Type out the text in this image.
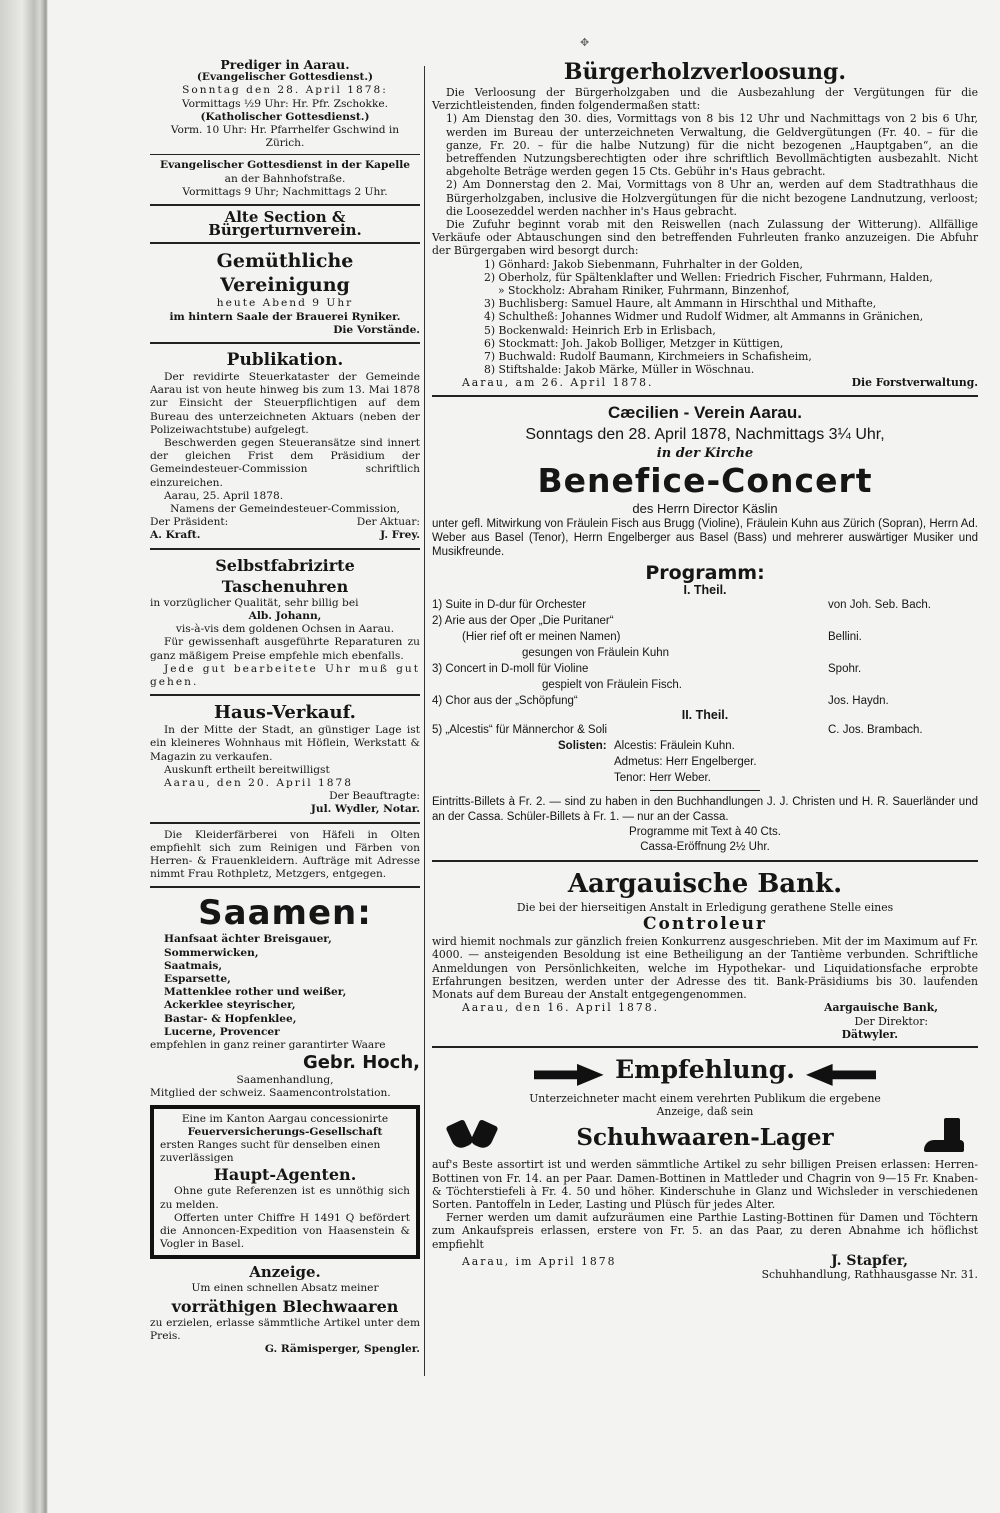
✥

Prediger in Aarau.

(Evangelischer Gottesdienst.)

Sonntag den 28. April 1878:

Vormittags ½9 Uhr: Hr. Pfr. Zschokke.

(Katholischer Gottesdienst.)

Vorm. 10 Uhr: Hr. Pfarrhelfer Gschwind in Zürich.

Evangelischer Gottesdienst in der Kapelle

an der Bahnhofstraße.

Vormittags 9 Uhr; Nachmittags 2 Uhr.

Alte Section & Bürgerturnverein.

Gemüthliche Vereinigung

heute Abend 9 Uhr

im hintern Saale der Brauerei Ryniker.

Die Vorstände.

Publikation.

Der revidirte Steuerkataster der Gemeinde Aarau ist von heute hinweg bis zum 13. Mai 1878 zur Einsicht der Steuerpflichtigen auf dem Bureau des unterzeichneten Aktuars (neben der Polizeiwachtstube) aufgelegt.

Beschwerden gegen Steueransätze sind innert der gleichen Frist dem Präsidium der Gemeindesteuer-Commission schriftlich einzureichen.

Aarau, 25. April 1878.

Namens der Gemeindesteuer-Commission,

Der Präsident:	Der Aktuar:
A. Kraft.	J. Frey.

Selbstfabrizirte Taschenuhren

in vorzüglicher Qualität, sehr billig bei

Alb. Johann,

vis-à-vis dem goldenen Ochsen in Aarau.

Für gewissenhaft ausgeführte Reparaturen zu ganz mäßigem Preise empfehle mich ebenfalls.

Jede gut bearbeitete Uhr muß gut gehen.

Haus-Verkauf.

In der Mitte der Stadt, an günstiger Lage ist ein kleineres Wohnhaus mit Höflein, Werkstatt & Magazin zu verkaufen.

Auskunft ertheilt bereitwilligst

Aarau, den 20. April 1878

Der Beauftragte:

Jul. Wydler, Notar.

Die Kleiderfärberei von Häfeli in Olten empfiehlt sich zum Reinigen und Färben von Herren- & Frauenkleidern. Aufträge mit Adresse nimmt Frau Rothpletz, Metzgers, entgegen.

Saamen:

Hanfsaat ächter Breisgauer,

Sommerwicken,

Saatmais,

Esparsette,

Mattenklee rother und weißer,

Ackerklee steyrischer,

Bastar- & Hopfenklee,

Lucerne, Provencer

empfehlen in ganz reiner garantirter Waare

Gebr. Hoch,

Saamenhandlung,

Mitglied der schweiz. Saamencontrolstation.

Eine im Kanton Aargau concessionirte

Feuerversicherungs-Gesellschaft

ersten Ranges sucht für denselben einen zuverlässigen

Haupt-Agenten.

Ohne gute Referenzen ist es unnöthig sich zu melden.

Offerten unter Chiffre H 1491 Q befördert die Annoncen-Expedition von Haasenstein & Vogler in Basel.

Anzeige.

Um einen schnellen Absatz meiner

vorräthigen Blechwaaren

zu erzielen, erlasse sämmtliche Artikel unter dem Preis.

G. Rämisperger, Spengler.

Bürgerholzverloosung.

Die Verloosung der Bürgerholzgaben und die Ausbezahlung der Vergütungen für die Verzichtleistenden, finden folgendermaßen statt:

1) Am Dienstag den 30. dies, Vormittags von 8 bis 12 Uhr und Nachmittags von 2 bis 6 Uhr, werden im Bureau der unterzeichneten Verwaltung, die Geldvergütungen (Fr. 40. – für die ganze, Fr. 20. – für die halbe Nutzung) für die nicht bezogenen „Hauptgaben“, an die betreffenden Nutzungsberechtigten oder ihre schriftlich Bevollmächtigten ausbezahlt. Nicht abgeholte Beträge werden gegen 15 Cts. Gebühr in's Haus gebracht.

2) Am Donnerstag den 2. Mai, Vormittags von 8 Uhr an, werden auf dem Stadtrathhaus die Bürgerholzgaben, inclusive die Holzvergütungen für die nicht bezogene Landnutzung, verloost; die Loosezeddel werden nachher in's Haus gebracht.

Die Zufuhr beginnt vorab mit den Reiswellen (nach Zulassung der Witterung). Allfällige Verkäufe oder Abtauschungen sind den betreffenden Fuhrleuten franko anzuzeigen. Die Abfuhr der Bürgergaben wird besorgt durch:

1) Gönhard: Jakob Siebenmann, Fuhrhalter in der Golden,

2) Oberholz, für Spältenklafter und Wellen: Friedrich Fischer, Fuhrmann, Halden,

» Stockholz: Abraham Riniker, Fuhrmann, Binzenhof,

3) Buchlisberg: Samuel Haure, alt Ammann in Hirschthal und Mithafte,

4) Schultheß: Johannes Widmer und Rudolf Widmer, alt Ammanns in Gränichen,

5) Bockenwald: Heinrich Erb in Erlisbach,

6) Stockmatt: Joh. Jakob Bolliger, Metzger in Küttigen,

7) Buchwald: Rudolf Baumann, Kirchmeiers in Schafisheim,

8) Stiftshalde: Jakob Märke, Müller in Wöschnau.

Aarau, am 26. April 1878.	Die Forstverwaltung.

Cæcilien - Verein Aarau.

Sonntags den 28. April 1878, Nachmittags 3¼ Uhr,

in der Kirche

Benefice-Concert

des Herrn Director Käslin

unter gefl. Mitwirkung von Fräulein Fisch aus Brugg (Violine), Fräulein Kuhn aus Zürich (Sopran), Herrn Ad. Weber aus Basel (Tenor), Herrn Engelberger aus Basel (Bass) und mehrerer auswärtiger Musiker und Musikfreunde.

Programm:

I. Theil.

1) Suite in D-dur für Orchester	von Joh. Seb. Bach.
2) Arie aus der Oper „Die Puritaner“
(Hier rief oft er meinen Namen)	Bellini.
gesungen von Fräulein Kuhn
3) Concert in D-moll für Violine	Spohr.
gespielt von Fräulein Fisch.
4) Chor aus der „Schöpfung“	Jos. Haydn.

II. Theil.

5) „Alcestis“ für Männerchor & Soli	C. Jos. Brambach.
Solisten: Alcestis: Fräulein Kuhn.

Admetus: Herr Engelberger.

Tenor: Herr Weber.

Eintritts-Billets à Fr. 2. — sind zu haben in den Buchhandlungen J. J. Christen und H. R. Sauerländer und an der Cassa. Schüler-Billets à Fr. 1. — nur an der Cassa.

Programme mit Text à 40 Cts.

Cassa-Eröffnung 2½ Uhr.

Aargauische Bank.

Die bei der hierseitigen Anstalt in Erledigung gerathene Stelle eines

Controleur

wird hiemit nochmals zur gänzlich freien Konkurrenz ausgeschrieben. Mit der im Maximum auf Fr. 4000. — ansteigenden Besoldung ist eine Betheiligung an der Tantième verbunden. Schriftliche Anmeldungen von Persönlichkeiten, welche im Hypothekar- und Liquidationsfache erprobte Erfahrungen besitzen, werden unter der Adresse des tit. Bank-Präsidiums bis 30. laufenden Monats auf dem Bureau der Anstalt entgegengenommen.

Aarau, den 16. April 1878.	Aargauische Bank,

Der Direktor:

Dätwyler.

Empfehlung.

Unterzeichneter macht einem verehrten Publikum die ergebene Anzeige, daß sein

Schuhwaaren-Lager

auf's Beste assortirt ist und werden sämmtliche Artikel zu sehr billigen Preisen erlassen: Herren-Bottinen von Fr. 14. an per Paar. Damen-Bottinen in Mattleder und Chagrin von 9—15 Fr. Knaben- & Töchterstiefeli à Fr. 4. 50 und höher. Kinderschuhe in Glanz und Wichsleder in verschiedenen Sorten. Pantoffeln in Leder, Lasting und Plüsch für jedes Alter.

Ferner werden um damit aufzuräumen eine Parthie Lasting-Bottinen für Damen und Töchtern zum Ankaufspreis erlassen, erstere von Fr. 5. an das Paar, zu deren Abnahme ich höflichst empfiehlt

Aarau, im April 1878	J. Stapfer,

Schuhhandlung, Rathhausgasse Nr. 31.
